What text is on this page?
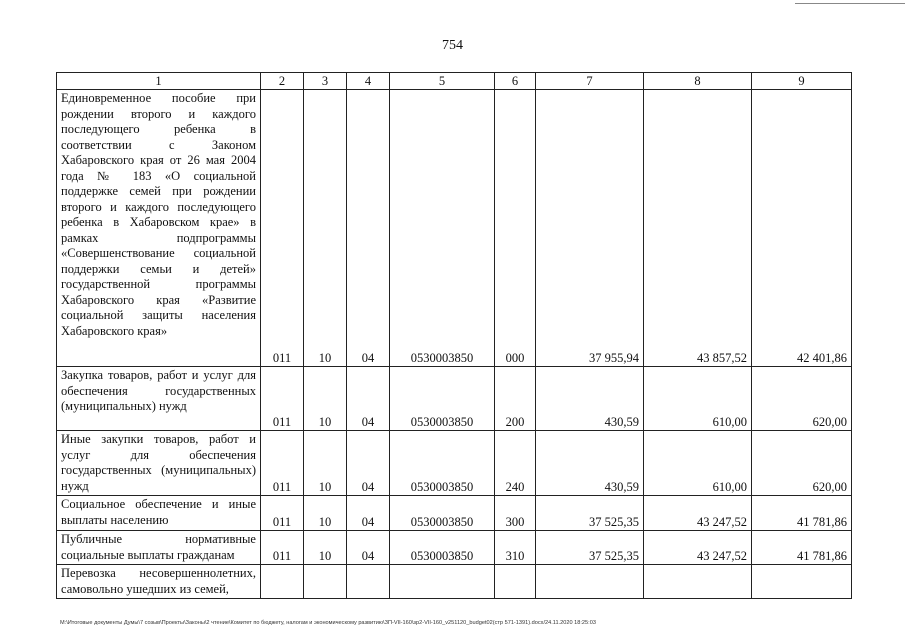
754
1	2	3	4	5	6	7	8	9
Единовременное пособие при рождении второго и каждого последующего ребенка в соответствии с Законом Хабаровского края от 26 мая 2004 года № 183 «О социальной поддержке семей при рождении второго и каждого последующего ребенка в Хабаровском крае» в рамках подпрограммы «Совершенствование социальной поддержки семьи и детей» государственной программы Хабаровского края «Развитие социальной защиты населения Хабаровского края»	011	10	04	0530003850	000	37 955,94	43 857,52	42 401,86
Закупка товаров, работ и услуг для обеспечения государственных (муниципальных) нужд	011	10	04	0530003850	200	430,59	610,00	620,00
Иные закупки товаров, работ и услуг для обеспечения государственных (муниципальных) нужд	011	10	04	0530003850	240	430,59	610,00	620,00
Социальное обеспечение и иные выплаты населению	011	10	04	0530003850	300	37 525,35	43 247,52	41 781,86
Публичные нормативные социальные выплаты гражданам	011	10	04	0530003850	310	37 525,35	43 247,52	41 781,86
Перевозка несовершеннолетних, самовольно ушедших из семей,								
M:\Итоговые документы Думы\7 созыв\Проекты\Законы\2 чтение\Комитет по бюджету, налогам и экономическому развитию\ЗП-VII-160\зр2-VII-160_v251120_budget02(стр 571-1391).docx/24.11.2020 18:25:03
